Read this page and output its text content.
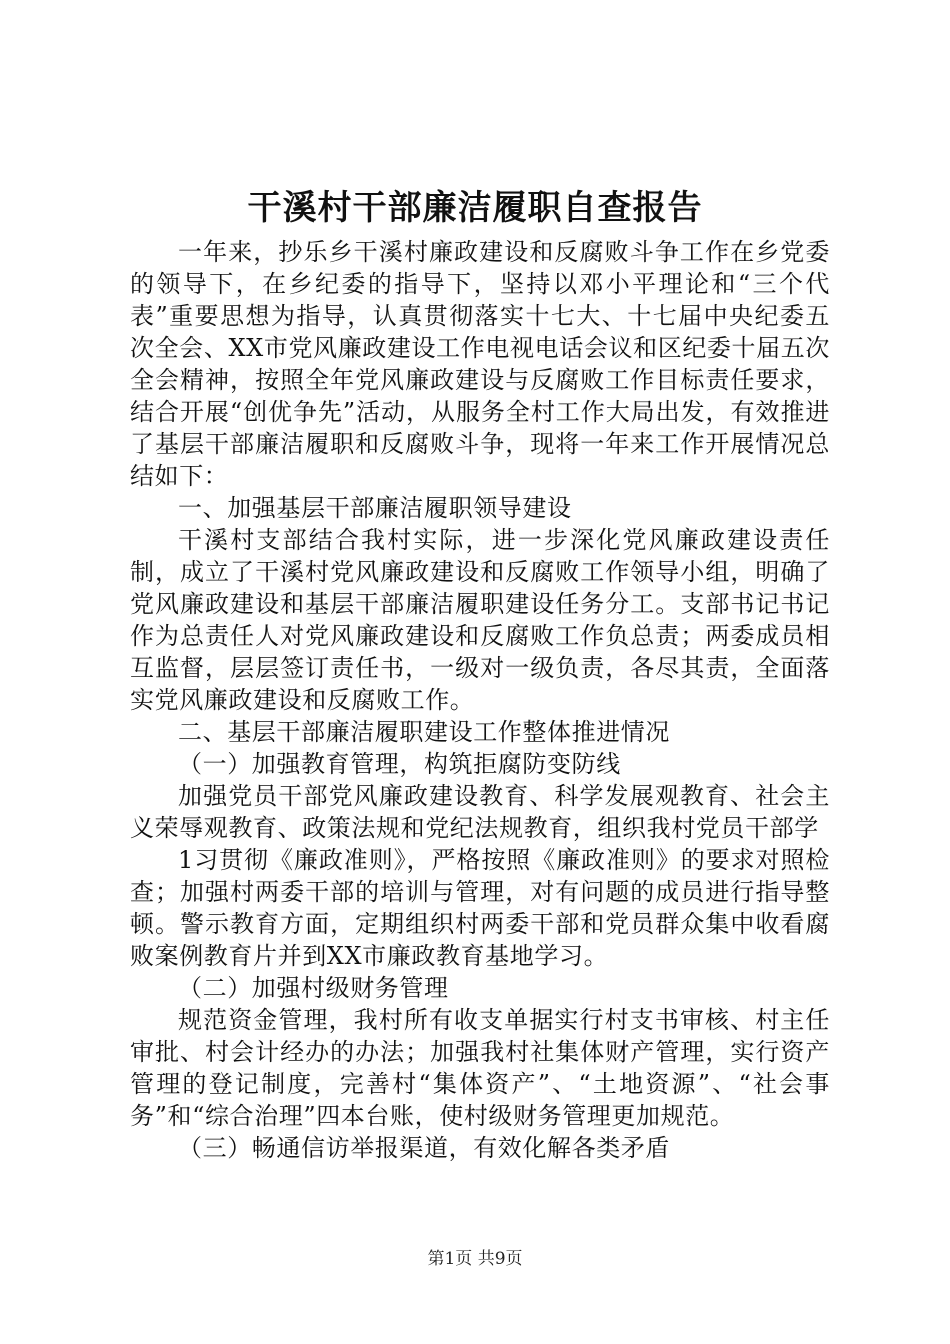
干溪村干部廉洁履职自查报告

一年来，抄乐乡干溪村廉政建设和反腐败斗争工作在乡党委的领导下，在乡纪委的指导下，坚持以邓小平理论和“三个代表”重要思想为指导，认真贯彻落实十七大、十七届中央纪委五次全会、XX市党风廉政建设工作电视电话会议和区纪委十届五次全会精神，按照全年党风廉政建设与反腐败工作目标责任要求，结合开展“创优争先”活动，从服务全村工作大局出发，有效推进了基层干部廉洁履职和反腐败斗争，现将一年来工作开展情况总结如下：

一、加强基层干部廉洁履职领导建设

干溪村支部结合我村实际，进一步深化党风廉政建设责任制，成立了干溪村党风廉政建设和反腐败工作领导小组，明确了党风廉政建设和基层干部廉洁履职建设任务分工。支部书记书记作为总责任人对党风廉政建设和反腐败工作负总责；两委成员相互监督，层层签订责任书，一级对一级负责，各尽其责，全面落实党风廉政建设和反腐败工作。

二、基层干部廉洁履职建设工作整体推进情况

（一）加强教育管理，构筑拒腐防变防线

加强党员干部党风廉政建设教育、科学发展观教育、社会主义荣辱观教育、政策法规和党纪法规教育，组织我村党员干部学

1习贯彻《廉政准则》，严格按照《廉政准则》的要求对照检查；加强村两委干部的培训与管理，对有问题的成员进行指导整顿。警示教育方面，定期组织村两委干部和党员群众集中收看腐败案例教育片并到XX市廉政教育基地学习。

（二）加强村级财务管理

规范资金管理，我村所有收支单据实行村支书审核、村主任审批、村会计经办的办法；加强我村社集体财产管理，实行资产管理的登记制度，完善村“集体资产”、“土地资源”、“社会事务”和“综合治理”四本台账，使村级财务管理更加规范。

（三）畅通信访举报渠道，有效化解各类矛盾

第1页 共9页
